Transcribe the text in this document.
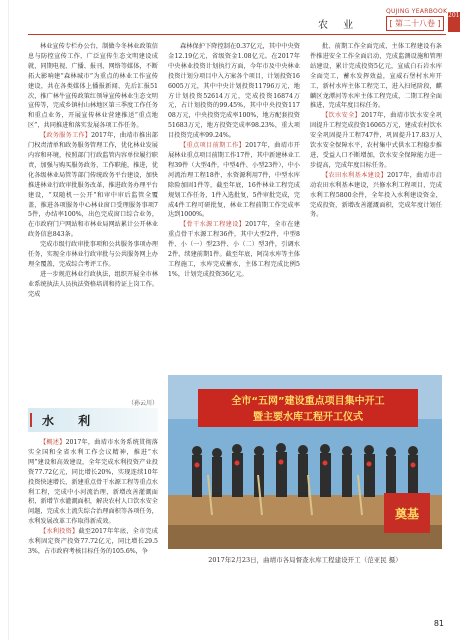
农 业
QUJING YEARBOOK
[ 第二十八卷 ]
2018

林业宣传专栏办公台，制做今冬林业政策信息与防控宣传工作，广泛宣传生态文明建设成就，同期电视、广播、报刊、网络等媒体，不断拓大影响建“森林城市”为重点的林业工作宣传建设，共在各类媒体上播报新闻、先后汇报51次，推广林牛宣传政策红领导宣传林业生态文明宣传等，完成乡镇村山林地区第三季度工作任务和重点业务，开展宣传林业营建推送“重点地区”，共同推进和落实发展各项工作任务。

【政务服务工作】2017年，曲靖市推出部门权责清单和政务服务管理工作，优化林业发展内容和环境，按照部门行政监管内容单位履行职责，加强与购买服务政务，工作职能，推进，优化各级林业局管等部门传统政务平台建设，加快推进林业行政审批服务改革，推进政务办理平台建设，“双随机一公开”和审中审后监管全覆盖，推进各项服务中心林业窗口受理服务事项75件，办结率100%，出色完成窗口综合业务，在市政府门户网站和市林业局网站累计公开林业政务信息843条。

完成市级行政审批事项和公共服务事项办理任务，实现全市林业行政审批与公共服务网上办理全覆盖，完成综合考评工作。

进一步规范林业行政执法，组织开展全市林业系统执法人员执法资格培训和持证上岗工作。完成

水 利

【概述】2017年，曲靖市水务系统贯彻落实全国和全省水利工作会议精神，推进“水网”建设和高效建设，全年完成水利投资产业投资77.72亿元，同比增长20%，实现连续10年投资快速增长，新建重点骨干水源工程等重点水利工程，完成中小河流治理，新增改善灌溉面积，新增节水灌溉面积，解决农村人口饮水安全问题，完成水土流失综合治理面积等各项任务，水利发展改革工作取得新成效。

【水利投资】截至2017年年底，全市完成水利固定资产投资77.72亿元，同比增长29.53%，占市政府考核目标任务的105.6%，争

森林保护下降控制在0.37亿元，其中中央资金12.19亿元，省级资金1.08亿元。在2017年中央林业投资计划执行方面，今年市及中央林业投资计划分项目中入方案各个项目，计划投资166005万元，其中中央计划投资11796万元，地方计划投资52614万元，完成投资16874万元，占计划投资的99.45%，其中中央投资11708万元，中央投资完成率100%，地方配套投资51683万元，地方投资完成率98.23%，重大项目投资完成率99.24%。

【重点项目前期工作】2017年，曲靖市开展林业重点项目前期工作17件，其中新建林业工程39件（大型4件，中型4件、小型23件），中小河流治理工程18件，水资源利用7件，中型水库除险加固1件等，截至年底，16件林业工程完成规划工作任务，1件入选批复，5件审批完成，完成4件工程可研批复，林业工程前期工作完成率达到1000%。

【骨干水源工程建设】2017年，全市在建重点骨干水源工程36件，其中大型2件，中型8件、小（一）型23件、小（二）型3件，引调水2件，续建前期1件。截至年底，阿岗水库等主体工程施工，水库完成蓄水，主体工程完成比例51%，计划完成投资36亿元。

批、前期工作全面完成，主体工程建设有条件推进安全工作全面启动，完成监测设施和管理站建设，累计完成投资5亿元，宣威白石岩水库全面完工，蓄水发挥效益，宣威石堡村水库开工，新村水库主体工程完工，进入扫尾阶段，麒麟区龙潭河等水库主体工程完成，二期工程全面推进，完成年度目标任务。

【饮水安全】2017年，曲靖市饮水安全巩固提升工程完成投资16065万元，建成农村饮水安全巩固提升工程747件，巩固提升17.83万人饮水安全保障水平，农村集中式供水工程稳步推进，受益人口不断增加，饮水安全保障能力进一步提高，完成年度目标任务。

【农田水利基本建设】2017年，曲靖市启动农田水利基本建设，兴修水利工程项目，完成水利工程5800余件，全年投入水利建设资金，完成投资，新增改善灌溉面积，完成年度计划任务。

（孙云川）	全市“五网”建设重点项目集中开工
暨主要水库工程开工仪式
奠基
2017年2月23日，曲靖市各局督查水库工程建设开工（范亚民 摄）
81
